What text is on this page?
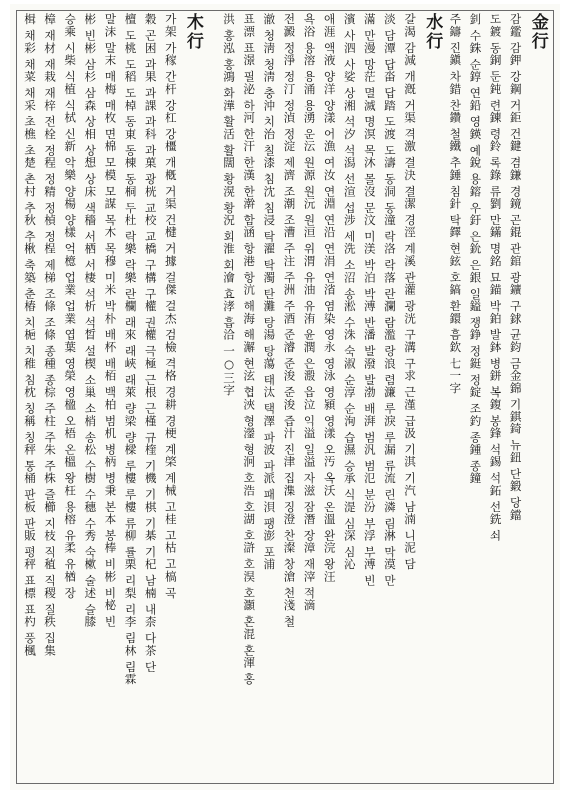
金行
감鑑 감鉀 강鋼 거鉅 건鍵 겸鎌 경鏡 곤錕 관錧 광鑛 구銶 균鈞 금金錦 기錤錡 뉴鈕 단鍛 당鐺
도鍍 동銅 둔鈍 련鍊 령鈴 록錄 류劉 만鏋 명銘 묘錨 박鉑 발鉢 병鉼 복鍑 봉鋒 석錫 석鉐 선銑 쇠
釗 수銖 순錞 연鉛 영鍈 예銳 용鎔 우釪 은鈗 은銀 일鎰 쟁錚 정鋌 정錠 조釣 종鍾 종鐘
주鑄 진鎭 차錯 찬鑽 철鐵 추錘 침針 탁鐸 현鉉 호鎬 환鐶 흠欽 七一字
水行
갈渴 감減 개漑 거渠 격激 결決 결潔 경涇 계溪 관灌 광洸 구溝 구求 근漌 급汲 기淇 기汽 남湳 니泥 담
淡 담潭 답畓 답踏 도渡 도濤 동洞 동潼 락洛 락落 란瀾 람濫 랑浪 렴濂 루淚 루漏 류流 린潾 림淋 막漠 만
滿 만漫 망茫 멸滅 명溟 목沐 몰沒 문汶 미渼 박泊 박溥 반潘 발潑 발渤 배湃 범汎 범氾 분汾 부浮 부溥 빈
濱 사泗 사娑 상湘 석汐 석潟 선渲 섭涉 세洗 소沼 송淞 수洙 숙淑 순淳 순洵 습濕 승承 식湜 심深 심沁
애涯 액液 양洋 양漾 어漁 여汝 연淵 연沿 연涓 연渻 염染 영永 영泳 영潁 영漾 오汚 옥沃 온溫 완浣 왕汪
욕浴 용溶 용涌 용湧 운沄 원源 원沅 원洹 위渭 유油 유洧 윤潤 은溵 읍泣 익溢 일溢 자滋 잠潛 장漳 재滓 적滴
전澱 정淨 정汀 정湞 정淀 제濟 조潮 조漕 주注 주洲 주酒 준濬 준浚 준浚 즙汁 진津 집潗 징澄 찬澯 창滄 천淺 철
澈 청淸 청淸 충沖 치治 칠漆 침沈 침浸 탁濯 탁濁 탄灘 탕湯 탕蕩 태汰 택澤 파波 파派 패浿 팽澎 포浦
표漂 표澋 필泌 하河 한汗 한漢 한澣 함涵 항港 항沆 해海 해澥 현泫 협浹 형灐 형泂 호浩 호湖 호滸 호淏 호灝 혼混 혼渾 홍
洪 홍泓 홍鴻 화澕 활活 활闊 황滉 황況 회淮 회澮 효涍 흡洽 一○三字
木行
가架 가稼 간杆 강杠 강橿 개槪 거渠 건楗 거據 걸傑 걸杰 검檢 격格 경耕 경梗 계棨 계械 고桂 고枯 고槁 곡
穀 곤困 과果 과課 과科 과菓 광桄 교校 교橋 구構 구權 권權 극極 근根 근槿 규楏 기機 기棋 기棊 기杞 남楠 내柰 다茶 단
檀 도桃 도稻 도棹 동東 동棟 동桐 두杜 락樂 락樂 란欄 래來 래峽 래萊 량梁 량樑 루樓 루樓 류柳 률栗 리梨 리李 림林 림霖
말沫 말末 매梅 매枚 면棉 모模 모謀 목木 목穆 미米 박朴 배杯 배栢 백柏 범机 병柄 병秉 본本 봉棒 비彬 비柲 빈
彬 빈彬 삼杉 삼森 상相 상想 상床 색穡 서栖 서棲 석析 석晳 설楔 소巢 소梢 송松 수樹 수穗 수秀 숙樕 술述 슬膝
승乘 시柴 식植 식栻 신新 악樂 양楊 양樣 억檍 업業 업業 엽葉 영榮 영楹 오梧 온榲 왕枉 용榕 유柔 유楢 장
樟 재材 재栽 재梓 전栓 정程 정精 정楨 정桯 제梯 조條 조條 종種 종棕 주柱 주朱 주株 즐櫛 지枝 직稙 직稷 질秩 집集
楫 채彩 채菜 채采 초樵 초楚 촌村 추秋 추楸 축築 춘椿 치梔 치稚 침枕 칭稱 칭秤 통桶 판板 판販 평秤 표標 표杓 풍楓
